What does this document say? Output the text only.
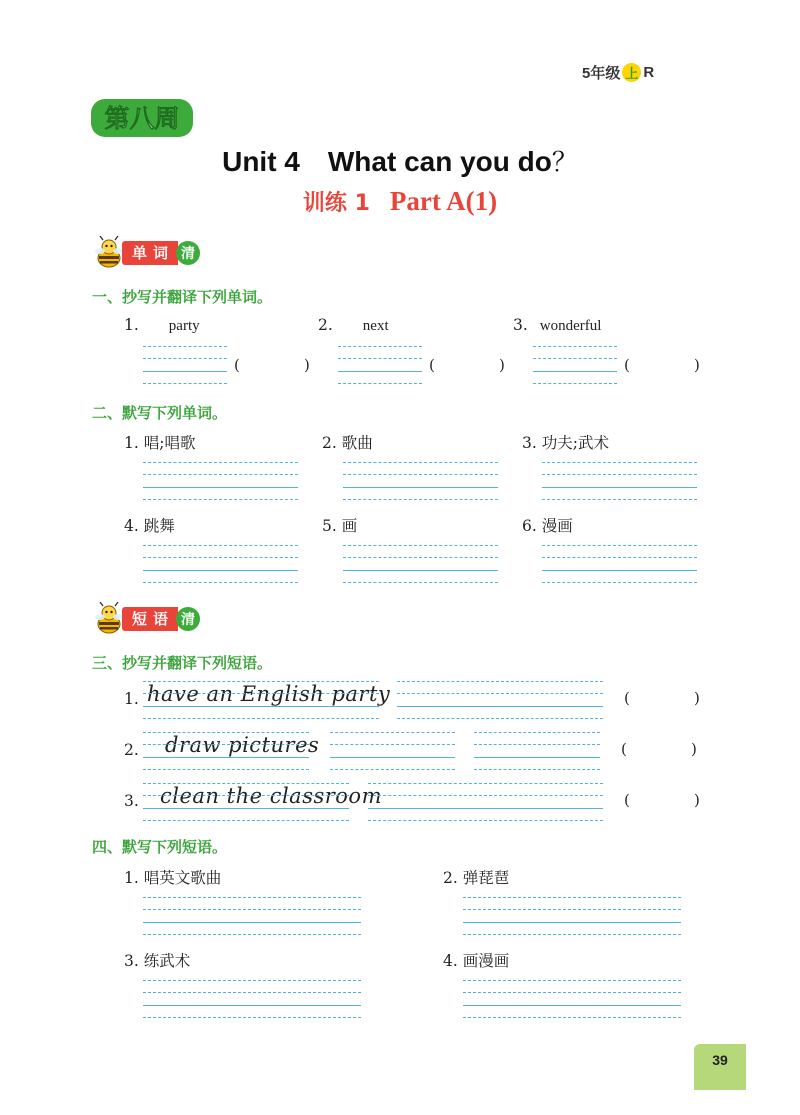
5年级 上 R
第八周
Unit 4 What can you do？
训练 1 Part A(1)
单词 清
一、抄写并翻译下列单词。
1. party	2. next	3. wonderful
(	)	(	)	(	)
二、默写下列单词。
1. 唱;唱歌	2. 歌曲	3. 功夫;武术
4. 跳舞	5. 画	6. 漫画
短语 清
三、抄写并翻译下列短语。
1. have an English party	(	)
2. draw pictures	(	)
3. clean the classroom	(	)
四、默写下列短语。
1. 唱英文歌曲	2. 弹琵琶
3. 练武术	4. 画漫画
39
